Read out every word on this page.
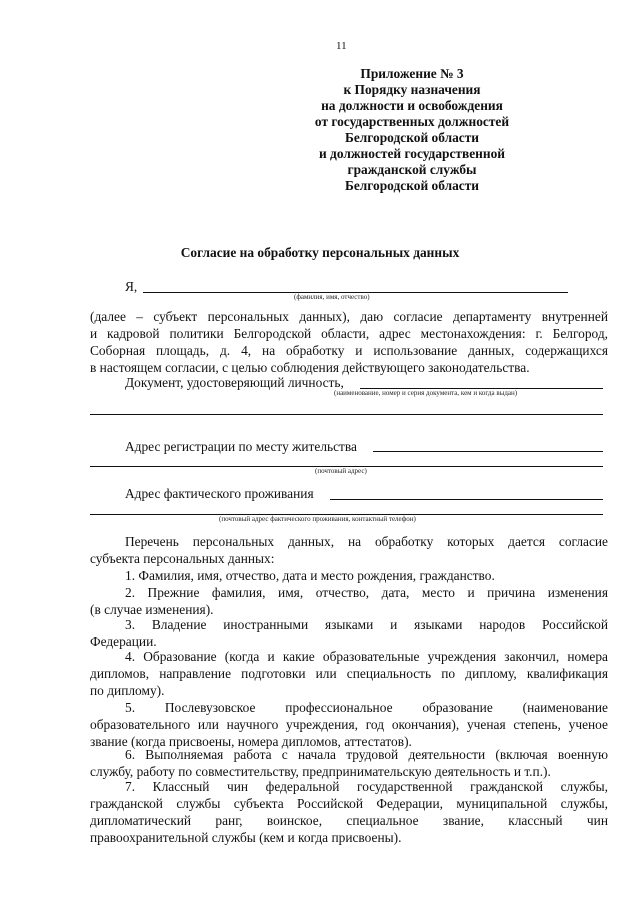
11
Приложение № 3
к Порядку назначения
на должности и освобождения
от государственных должностей
Белгородской области
и должностей государственной
гражданской службы
Белгородской области
Согласие на обработку персональных данных
Я,
(фамилия, имя, отчество)
(далее – субъект персональных данных), даю согласие департаменту внутренней
и кадровой политики Белгородской области, адрес местонахождения: г. Белгород,
Соборная площадь, д. 4, на обработку и использование данных, содержащихся
в настоящем согласии, с целью соблюдения действующего законодательства.
Документ, удостоверяющий личность,
(наименование, номер и серия документа, кем и когда выдан)
Адрес регистрации по месту жительства
(почтовый адрес)
Адрес фактического проживания
(почтовый адрес фактического проживания, контактный телефон)
Перечень персональных данных, на обработку которых дается согласие
субъекта персональных данных:
1. Фамилия, имя, отчество, дата и место рождения, гражданство.
2. Прежние фамилия, имя, отчество, дата, место и причина изменения
(в случае изменения).
3. Владение иностранными языками и языками народов Российской
Федерации.
4. Образование (когда и какие образовательные учреждения закончил, номера
дипломов, направление подготовки или специальность по диплому, квалификация
по диплому).
5. Послевузовское профессиональное образование (наименование
образовательного или научного учреждения, год окончания), ученая степень, ученое
звание (когда присвоены, номера дипломов, аттестатов).
6. Выполняемая работа с начала трудовой деятельности (включая военную
службу, работу по совместительству, предпринимательскую деятельность и т.п.).
7. Классный чин федеральной государственной гражданской службы,
гражданской службы субъекта Российской Федерации, муниципальной службы,
дипломатический ранг, воинское, специальное звание, классный чин
правоохранительной службы (кем и когда присвоены).
